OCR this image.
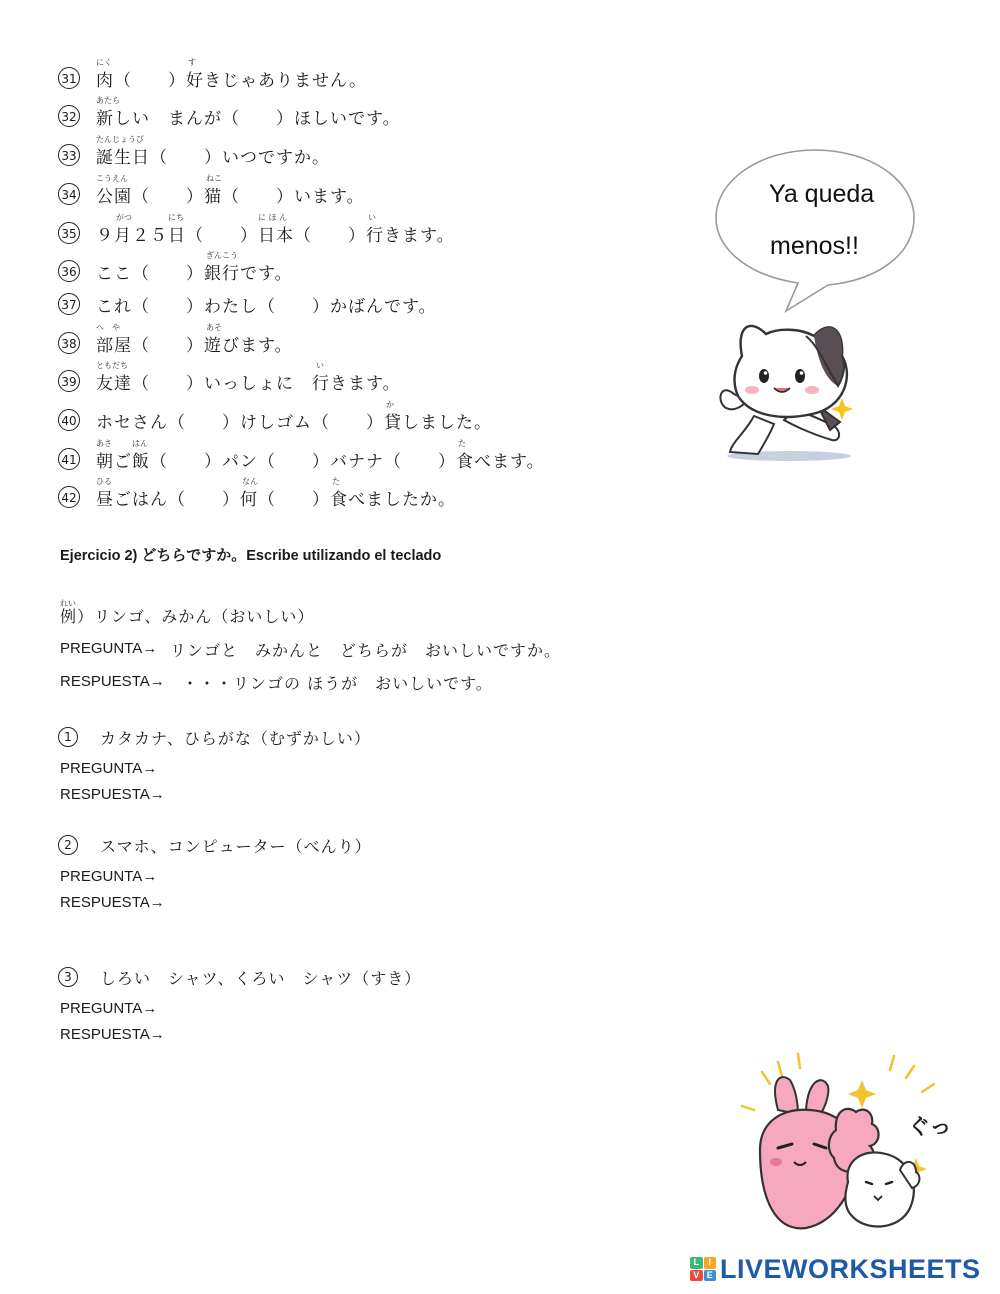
31 肉（　　）好きじゃありません。
にく	す
32 新しい　まんが（　　）ほしいです。
あたら
33 誕生日（　　）いつですか。
たんじょうび
34 公園（　　）猫（　　）います。
こうえん	ねこ
35 ９月２５日（　　）日本（　　）行きます。
がつ	にち	に ほ ん	い
36 ここ（　　）銀行です。
ぎんこう
37 これ（　　）わたし（　　）かばんです。
38 部屋（　　）遊びます。
へ　や	あそ
39 友達（　　）いっしょに　行きます。
ともだち	い
40 ホセさん（　　）けしゴム（　　）貸しました。
か
41 朝ご飯（　　）パン（　　）バナナ（　　）食べます。
あさ	はん	た
42 昼ごはん（　　）何（　　）食べましたか。
ひる	なん	た
Ya queda
menos!!
Ejercicio 2) どちらですか。Escribe utilizando el teclado
れい
例）リンゴ、みかん（おいしい）
PREGUNTA→ リンゴと　みかんと　どちらが　おいしいですか。
RESPUESTA→ ・・・リンゴの ほうが　おいしいです。
1	カタカナ、ひらがな（むずかしい）
PREGUNTA→
RESPUESTA→
2	スマホ、コンピューター（べんり）
PREGUNTA→
RESPUESTA→
3	しろい　シャツ、くろい　シャツ（すき）
PREGUNTA→
RESPUESTA→
ぐっ
L	I
V E LIVEWORKSHEETS
